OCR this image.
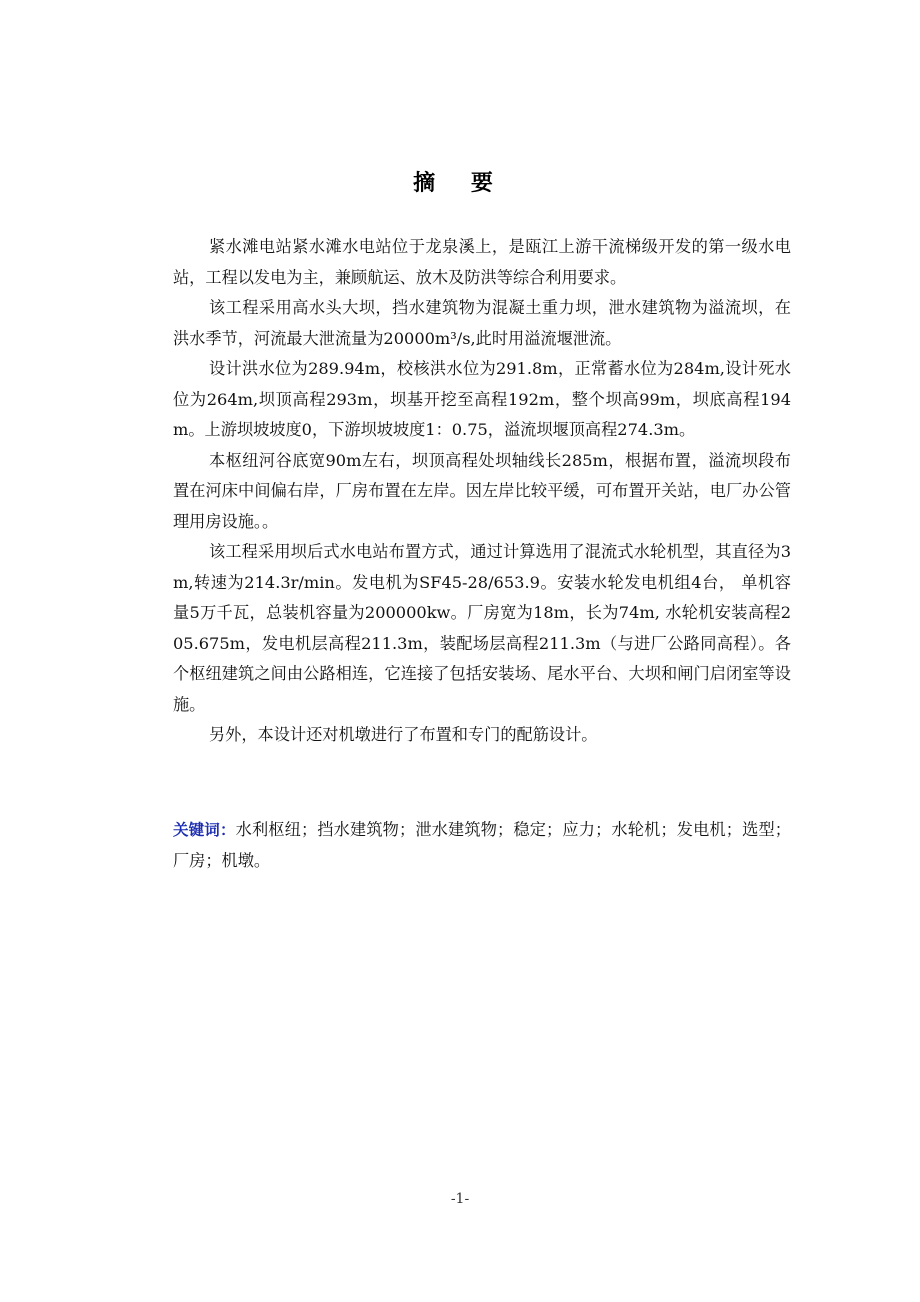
摘 要

紧水滩电站紧水滩水电站位于龙泉溪上，是瓯江上游干流梯级开发的第一级水电站，工程以发电为主，兼顾航运、放木及防洪等综合利用要求。

该工程采用高水头大坝，挡水建筑物为混凝土重力坝，泄水建筑物为溢流坝，在洪水季节，河流最大泄流量为20000m³/s,此时用溢流堰泄流。

设计洪水位为289.94m，校核洪水位为291.8m，正常蓄水位为284m,设计死水位为264m,坝顶高程293m，坝基开挖至高程192m，整个坝高99m，坝底高程194m。上游坝坡坡度0，下游坝坡坡度1：0.75，溢流坝堰顶高程274.3m。

本枢纽河谷底宽90m左右，坝顶高程处坝轴线长285m，根据布置，溢流坝段布置在河床中间偏右岸，厂房布置在左岸。因左岸比较平缓，可布置开关站，电厂办公管理用房设施。。

该工程采用坝后式水电站布置方式，通过计算选用了混流式水轮机型，其直径为3m,转速为214.3r/min。发电机为SF45-28/653.9。安装水轮发电机组4台， 单机容量5万千瓦，总装机容量为200000kw。厂房宽为18m，长为74m, 水轮机安装高程205.675m，发电机层高程211.3m，装配场层高程211.3m（与进厂公路同高程）。各个枢纽建筑之间由公路相连，它连接了包括安装场、尾水平台、大坝和闸门启闭室等设施。

另外，本设计还对机墩进行了布置和专门的配筋设计。

关键词：水利枢纽；挡水建筑物；泄水建筑物；稳定；应力；水轮机；发电机；选型；厂房；机墩。
-1-
